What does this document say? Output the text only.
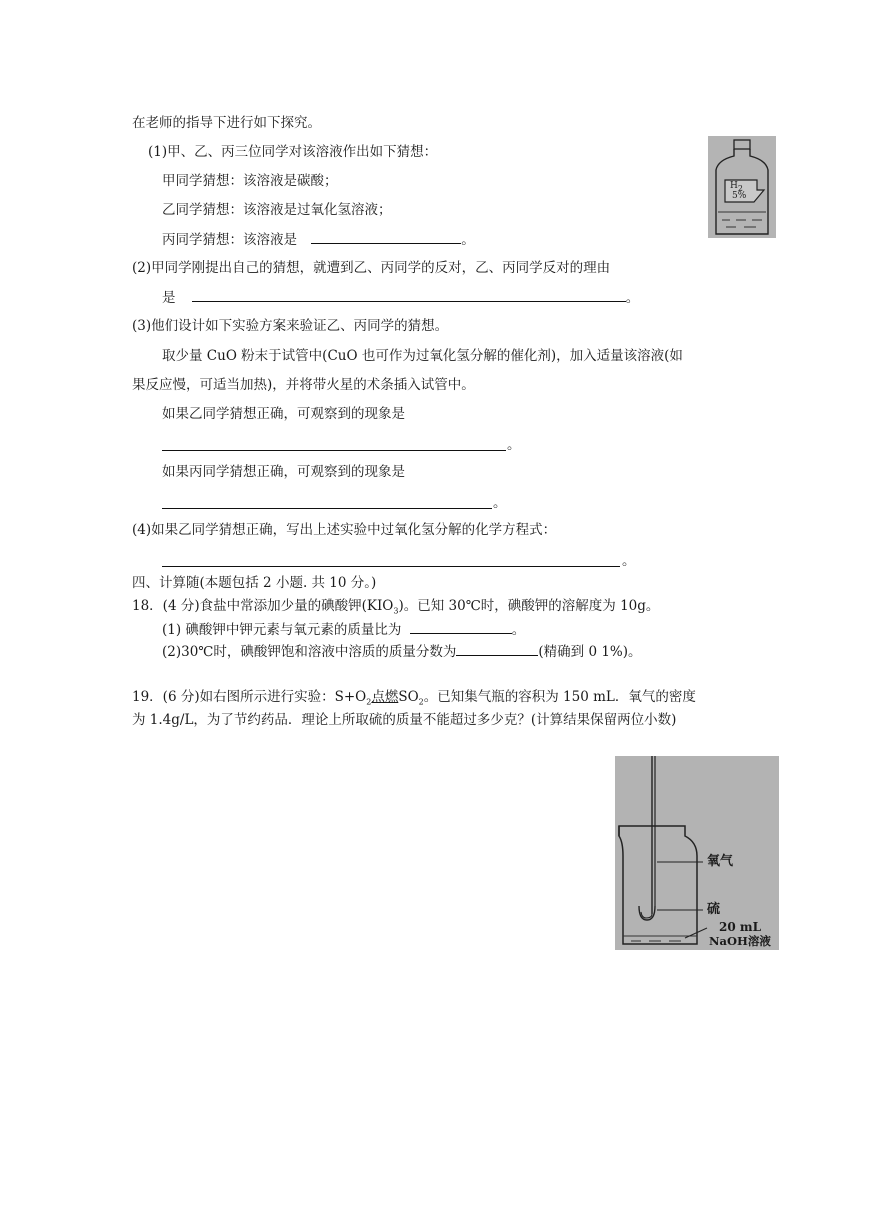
在老师的指导下进行如下探究。
(1)甲、乙、丙三位同学对该溶液作出如下猜想：
甲同学猜想：该溶液是碳酸；
乙同学猜想：该溶液是过氧化氢溶液；
丙同学猜想：该溶液是	。
$H_2$
5%
(2)甲同学刚提出自己的猜想，就遭到乙、丙同学的反对，乙、丙同学反对的理由
是	。
(3)他们设计如下实验方案来验证乙、丙同学的猜想。
取少量 CuO 粉末于试管中(CuO 也可作为过氧化氢分解的催化剂)，加入适量该溶液(如
果反应慢，可适当加热)，并将带火星的术条插入试管中。
如果乙同学猜想正确，可观察到的现象是
。
如果丙同学猜想正确，可观察到的现象是
。
(4)如果乙同学猜想正确，写出上述实验中过氧化氢分解的化学方程式：
。
四、计算随(本题包括 2 小题. 共 10 分。)
18．(4 分)食盐中常添加少量的碘酸钾$(KIO_3)$。已知 30℃时，碘酸钾的溶解度为 10g。
(1) 碘酸钾中钾元素与氧元素的质量比为	。
(2)30℃时，碘酸钾饱和溶液中溶质的质量分数为	(精确到 0 1%)。
19．(6 分)如右图所示进行实验：$S+O_2$点燃$SO_2$。已知集气瓶的容积为 150 mL．氧气的密度
为 1.4g/L，为了节约药品．理论上所取硫的质量不能超过多少克？(计算结果保留两位小数)
氧气
硫
20 mL
NaOH溶液
